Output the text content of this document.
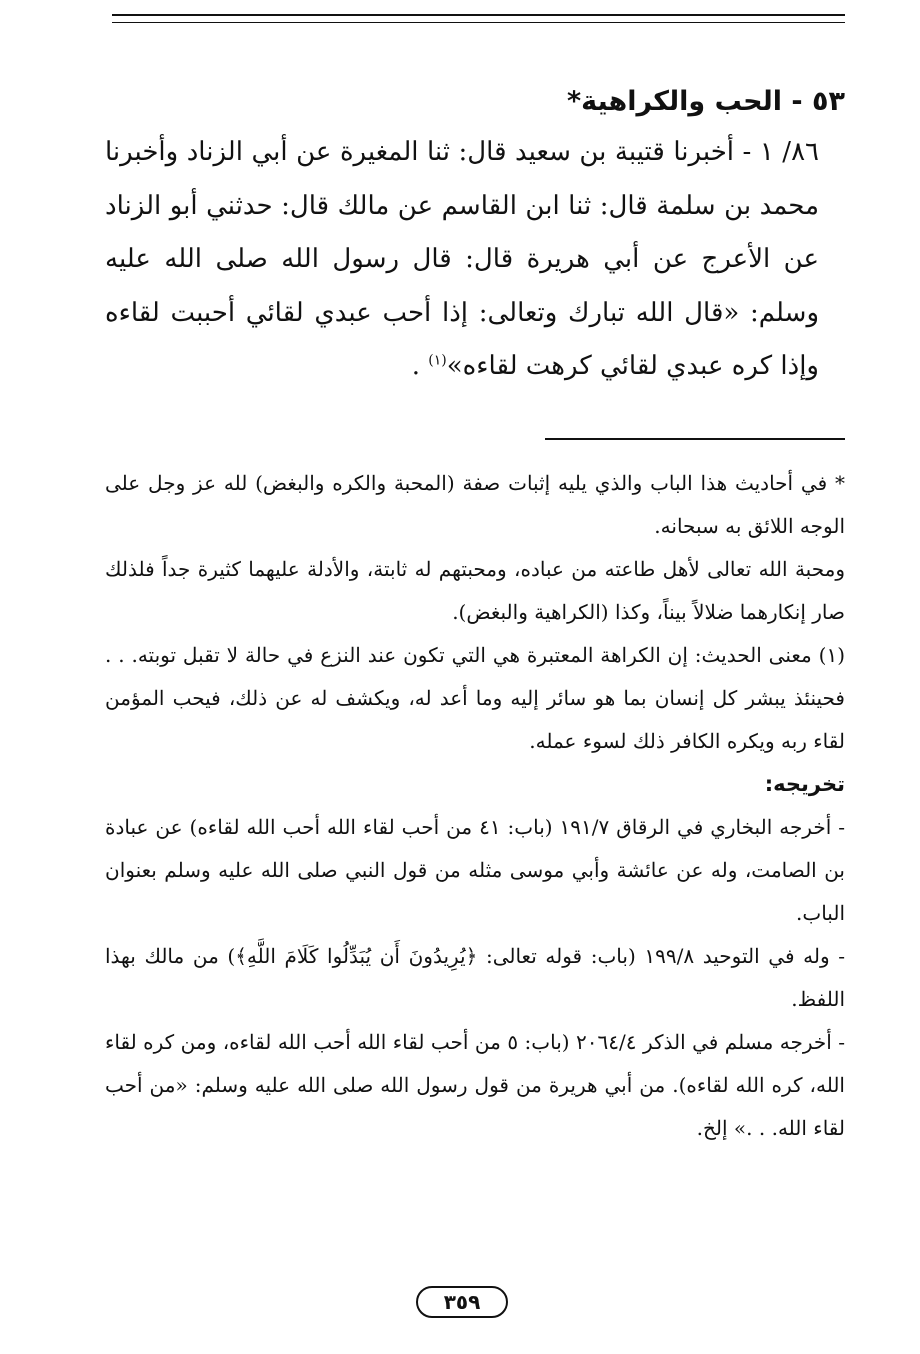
٥٣ - الحب والكراهية*

٨٦/ ١ - أخبرنا قتيبة بن سعيد قال: ثنا المغيرة عن أبي الزناد وأخبرنا محمد بن سلمة قال: ثنا ابن القاسم عن مالك قال: حدثني أبو الزناد عن الأعرج عن أبي هريرة قال: قال رسول الله صلى الله عليه وسلم: «قال الله تبارك وتعالى: إذا أحب عبدي لقائي أحببت لقاءه وإذا كره عبدي لقائي كرهت لقاءه»$^{(١)}$ .

* في أحاديث هذا الباب والذي يليه إثبات صفة (المحبة والكره والبغض) لله عز وجل على الوجه اللائق به سبحانه.

ومحبة الله تعالى لأهل طاعته من عباده، ومحبتهم له ثابتة، والأدلة عليهما كثيرة جداً فلذلك صار إنكارهما ضلالاً بيناً، وكذا (الكراهية والبغض).

(١) معنى الحديث: إن الكراهة المعتبرة هي التي تكون عند النزع في حالة لا تقبل توبته. . . فحينئذ يبشر كل إنسان بما هو سائر إليه وما أعد له، ويكشف له عن ذلك، فيحب المؤمن لقاء ربه ويكره الكافر ذلك لسوء عمله.

تخريجه:

- أخرجه البخاري في الرقاق ١٩١/٧ (باب: ٤١ من أحب لقاء الله أحب الله لقاءه) عن عبادة بن الصامت، وله عن عائشة وأبي موسى مثله من قول النبي صلى الله عليه وسلم بعنوان الباب.

- وله في التوحيد ١٩٩/٨ (باب: قوله تعالى: ﴿يُرِيدُونَ أَن يُبَدِّلُوا كَلَامَ اللَّهِ﴾) من مالك بهذا اللفظ.

- أخرجه مسلم في الذكر ٢٠٦٤/٤ (باب: ٥ من أحب لقاء الله أحب الله لقاءه، ومن كره لقاء الله، كره الله لقاءه). من أبي هريرة من قول رسول الله صلى الله عليه وسلم: «من أحب لقاء الله. . .» إلخ.

٣٥٩
